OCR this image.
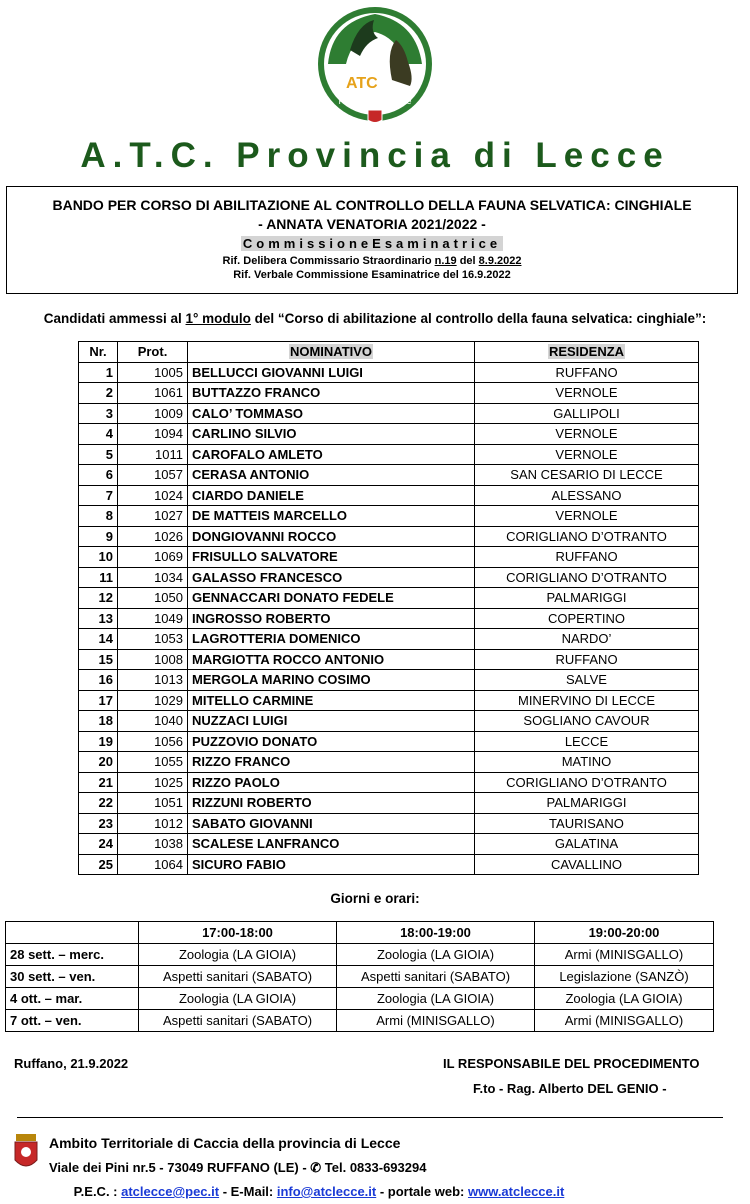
ATC
Provincia di Lecce
A.T.C. Provincia di Lecce
BANDO PER CORSO DI ABILITAZIONE AL CONTROLLO DELLA FAUNA SELVATICA: CINGHIALE
- ANNATA VENATORIA 2021/2022 -
CommissioneEsaminatrice
Rif. Delibera Commissario Straordinario n.19 del 8.9.2022
Rif. Verbale Commissione Esaminatrice del 16.9.2022
Candidati ammessi al 1° modulo del “Corso di abilitazione al controllo della fauna selvatica: cinghiale”:
Nr.	Prot.	NOMINATIVO	RESIDENZA
1	1005	BELLUCCI GIOVANNI LUIGI	RUFFANO
2	1061	BUTTAZZO FRANCO	VERNOLE
3	1009	CALO’ TOMMASO	GALLIPOLI
4	1094	CARLINO SILVIO	VERNOLE
5	1011	CAROFALO AMLETO	VERNOLE
6	1057	CERASA ANTONIO	SAN CESARIO DI LECCE
7	1024	CIARDO DANIELE	ALESSANO
8	1027	DE MATTEIS MARCELLO	VERNOLE
9	1026	DONGIOVANNI ROCCO	CORIGLIANO D’OTRANTO
10	1069	FRISULLO SALVATORE	RUFFANO
11	1034	GALASSO FRANCESCO	CORIGLIANO D’OTRANTO
12	1050	GENNACCARI DONATO FEDELE	PALMARIGGI
13	1049	INGROSSO ROBERTO	COPERTINO
14	1053	LAGROTTERIA DOMENICO	NARDO’
15	1008	MARGIOTTA ROCCO ANTONIO	RUFFANO
16	1013	MERGOLA MARINO COSIMO	SALVE
17	1029	MITELLO CARMINE	MINERVINO DI LECCE
18	1040	NUZZACI LUIGI	SOGLIANO CAVOUR
19	1056	PUZZOVIO DONATO	LECCE
20	1055	RIZZO FRANCO	MATINO
21	1025	RIZZO PAOLO	CORIGLIANO D’OTRANTO
22	1051	RIZZUNI ROBERTO	PALMARIGGI
23	1012	SABATO GIOVANNI	TAURISANO
24	1038	SCALESE LANFRANCO	GALATINA
25	1064	SICURO FABIO	CAVALLINO
Giorni e orari:
	17:00-18:00	18:00-19:00	19:00-20:00
28 sett. – merc.	Zoologia (LA GIOIA)	Zoologia (LA GIOIA)	Armi (MINISGALLO)
30 sett. – ven.	Aspetti sanitari (SABATO)	Aspetti sanitari (SABATO)	Legislazione (SANZÒ)
4 ott. – mar.	Zoologia (LA GIOIA)	Zoologia (LA GIOIA)	Zoologia (LA GIOIA)
7 ott. – ven.	Aspetti sanitari (SABATO)	Armi (MINISGALLO)	Armi (MINISGALLO)
Ruffano, 21.9.2022	IL RESPONSABILE DEL PROCEDIMENTO
F.to - Rag. Alberto DEL GENIO -
Ambito Territoriale di Caccia della provincia di Lecce
Viale dei Pini nr.5 - 73049 RUFFANO (LE) - ✆ Tel. 0833-693294
P.E.C. : atclecce@pec.it - E-Mail: info@atclecce.it - portale web: www.atclecce.it
